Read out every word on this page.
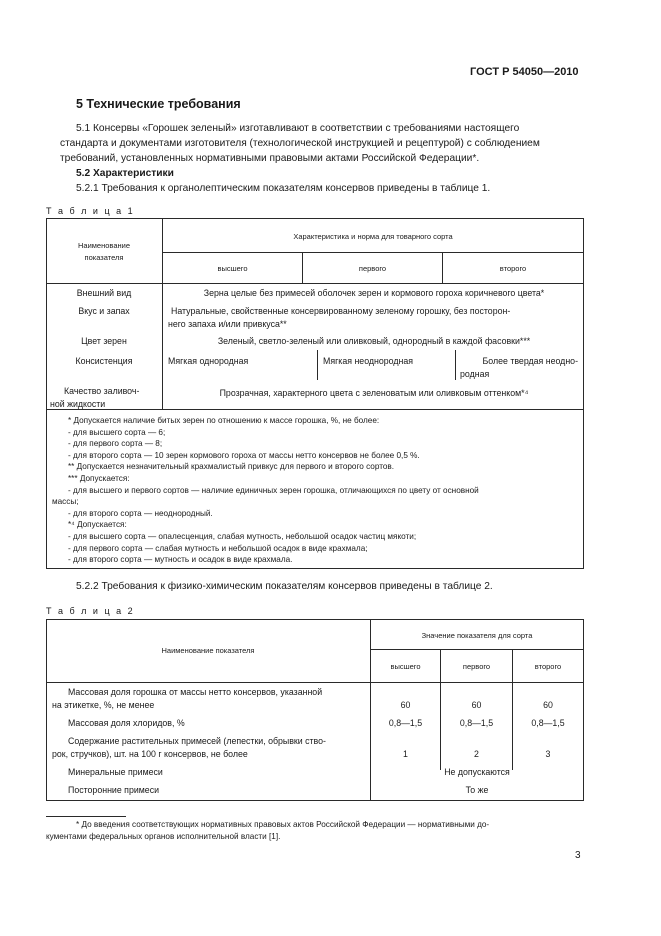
ГОСТ Р 54050—2010
5 Технические требования
5.1 Консервы «Горошек зеленый» изготавливают в соответствии с требованиями настоящего
стандарта и документами изготовителя (технологической инструкцией и рецептурой) с соблюдением
требований, установленных нормативными правовыми актами Российской Федерации*.
5.2 Характеристики
5.2.1 Требования к органолептическим показателям консервов приведены в таблице 1.
Т а б л и ц а 1
Наименование
показателя
Характеристика и норма для товарного сорта
высшего	первого	второго
Внешний вид	Зерна целые без примесей оболочек зерен и кормового гороха коричневого цвета*
Вкус и запах	Натуральные, свойственные консервированному зеленому горошку, без посторон-
него запаха и/или привкуса**
Цвет зерен	Зеленый, светло-зеленый или оливковый, однородный в каждой фасовки***
Консистенция	Мягкая однородная	Мягкая неоднородная	Более твердая неодно-
родная
Качество заливоч-
ной жидкости
Прозрачная, характерного цвета с зеленоватым или оливковым оттенком*⁴
* Допускается наличие битых зерен по отношению к массе горошка, %, не более:
- для высшего сорта — 6;
- для первого сорта — 8;
- для второго сорта — 10 зерен кормового гороха от массы нетто консервов не более 0,5 %.
** Допускается незначительный крахмалистый привкус для первого и второго сортов.
*** Допускается:
- для высшего и первого сортов — наличие единичных зерен горошка, отличающихся по цвету от основной
массы;
- для второго сорта — неоднородный.
*⁴ Допускается:
- для высшего сорта — опалесценция, слабая мутность, небольшой осадок частиц мякоти;
- для первого сорта — слабая мутность и небольшой осадок в виде крахмала;
- для второго сорта — мутность и осадок в виде крахмала.
5.2.2 Требования к физико-химическим показателям консервов приведены в таблице 2.
Т а б л и ц а 2
Наименование показателя
Значение показателя для сорта
высшего	первого	второго
Массовая доля горошка от массы нетто консервов, указанной
на этикетке, %, не менее	60	60	60
Массовая доля хлоридов, %	0,8—1,5	0,8—1,5	0,8—1,5
Содержание растительных примесей (лепестки, обрывки ство-
рок, стручков), шт. на 100 г консервов, не более	1	2	3
Минеральные примеси	Не допускаются
Посторонние примеси	То же
* До введения соответствующих нормативных правовых актов Российской Федерации — нормативными до-
кументами федеральных органов исполнительной власти [1].
3
